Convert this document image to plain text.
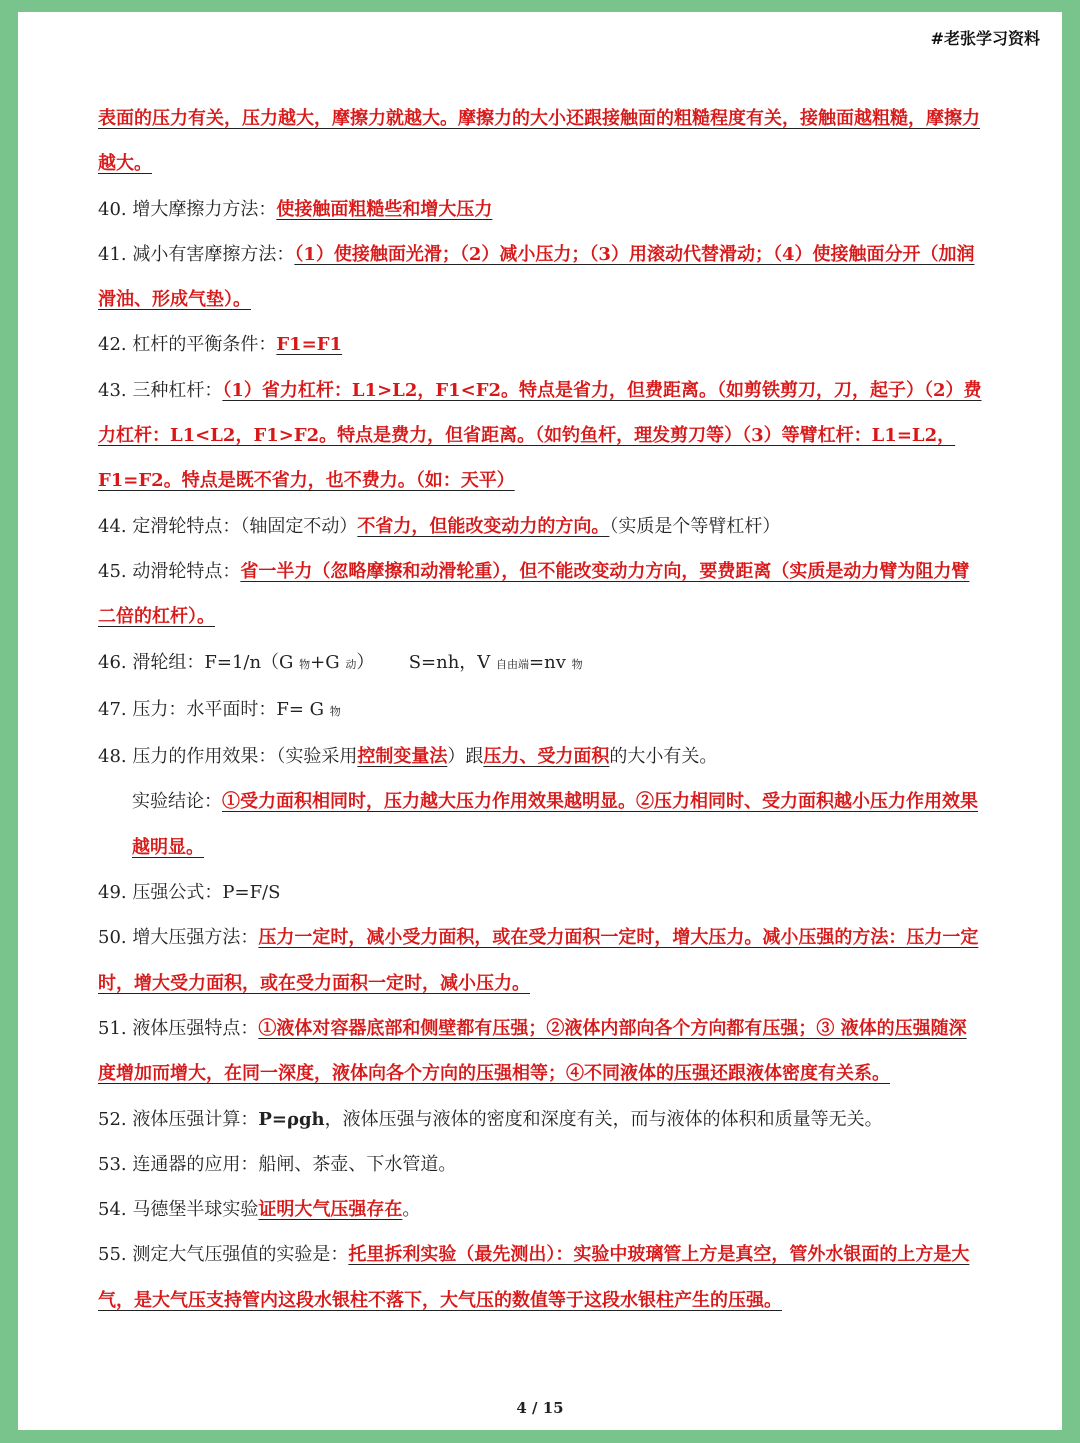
#老张学习资料

表面的压力有关，压力越大，摩擦力就越大。摩擦力的大小还跟接触面的粗糙程度有关，接触面越粗糙，摩擦力越大。

40. 增大摩擦力方法：使接触面粗糙些和增大压力

41. 减小有害摩擦方法：（1）使接触面光滑；（2）减小压力；（3）用滚动代替滑动；（4）使接触面分开（加润滑油、形成气垫）。

42. 杠杆的平衡条件：F1=F1

43. 三种杠杆：（1）省力杠杆：L1>L2，F1<F2。特点是省力，但费距离。（如剪铁剪刀，刀，起子）（2）费力杠杆：L1<L2，F1>F2。特点是费力，但省距离。（如钓鱼杆，理发剪刀等）（3）等臂杠杆：L1=L2，F1=F2。特点是既不省力，也不费力。（如：天平）

44. 定滑轮特点：（轴固定不动）不省力，但能改变动力的方向。（实质是个等臂杠杆）

45. 动滑轮特点：省一半力（忽略摩擦和动滑轮重），但不能改变动力方向，要费距离（实质是动力臂为阻力臂二倍的杠杆）。

46. 滑轮组：F=1/n（G 物+G 动） S=nh，V 自由端=nv 物

47. 压力：水平面时：F= G 物

48. 压力的作用效果：（实验采用控制变量法）跟压力、受力面积的大小有关。

实验结论：①受力面积相同时，压力越大压力作用效果越明显。②压力相同时、受力面积越小压力作用效果越明显。

49. 压强公式：P=F/S

50. 增大压强方法：压力一定时，减小受力面积，或在受力面积一定时，增大压力。减小压强的方法：压力一定时，增大受力面积，或在受力面积一定时，减小压力。

51. 液体压强特点：①液体对容器底部和侧壁都有压强；②液体内部向各个方向都有压强；③ 液体的压强随深度增加而增大，在同一深度，液体向各个方向的压强相等；④不同液体的压强还跟液体密度有关系。

52. 液体压强计算：P=ρgh，液体压强与液体的密度和深度有关，而与液体的体积和质量等无关。

53. 连通器的应用：船闸、茶壶、下水管道。

54. 马德堡半球实验证明大气压强存在。

55. 测定大气压强值的实验是：托里拆利实验（最先测出）：实验中玻璃管上方是真空，管外水银面的上方是大气，是大气压支持管内这段水银柱不落下，大气压的数值等于这段水银柱产生的压强。

4 / 15
